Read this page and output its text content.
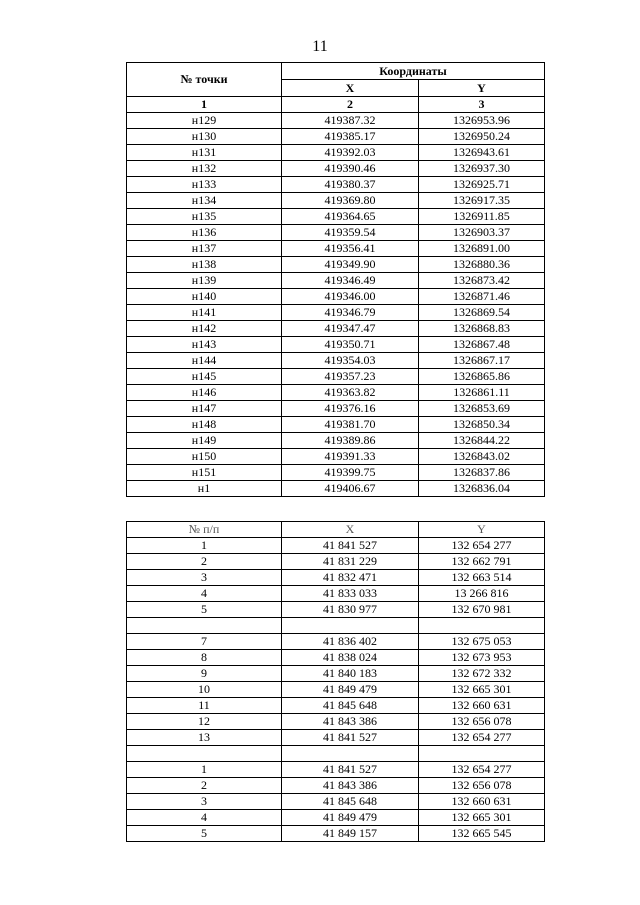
11
№ точки	Координаты	
	X	Y
1	2	3
н129	419387.32	1326953.96
н130	419385.17	1326950.24
н131	419392.03	1326943.61
н132	419390.46	1326937.30
н133	419380.37	1326925.71
н134	419369.80	1326917.35
н135	419364.65	1326911.85
н136	419359.54	1326903.37
н137	419356.41	1326891.00
н138	419349.90	1326880.36
н139	419346.49	1326873.42
н140	419346.00	1326871.46
н141	419346.79	1326869.54
н142	419347.47	1326868.83
н143	419350.71	1326867.48
н144	419354.03	1326867.17
н145	419357.23	1326865.86
н146	419363.82	1326861.11
н147	419376.16	1326853.69
н148	419381.70	1326850.34
н149	419389.86	1326844.22
н150	419391.33	1326843.02
н151	419399.75	1326837.86
н1	419406.67	1326836.04
№ п/п	X	Y
1	41 841 527	132 654 277
2	41 831 229	132 662 791
3	41 832 471	132 663 514
4	41 833 033	13 266 816
5	41 830 977	132 670 981

7	41 836 402	132 675 053
8	41 838 024	132 673 953
9	41 840 183	132 672 332
10	41 849 479	132 665 301
11	41 845 648	132 660 631
12	41 843 386	132 656 078
13	41 841 527	132 654 277

1	41 841 527	132 654 277
2	41 843 386	132 656 078
3	41 845 648	132 660 631
4	41 849 479	132 665 301
5	41 849 157	132 665 545
